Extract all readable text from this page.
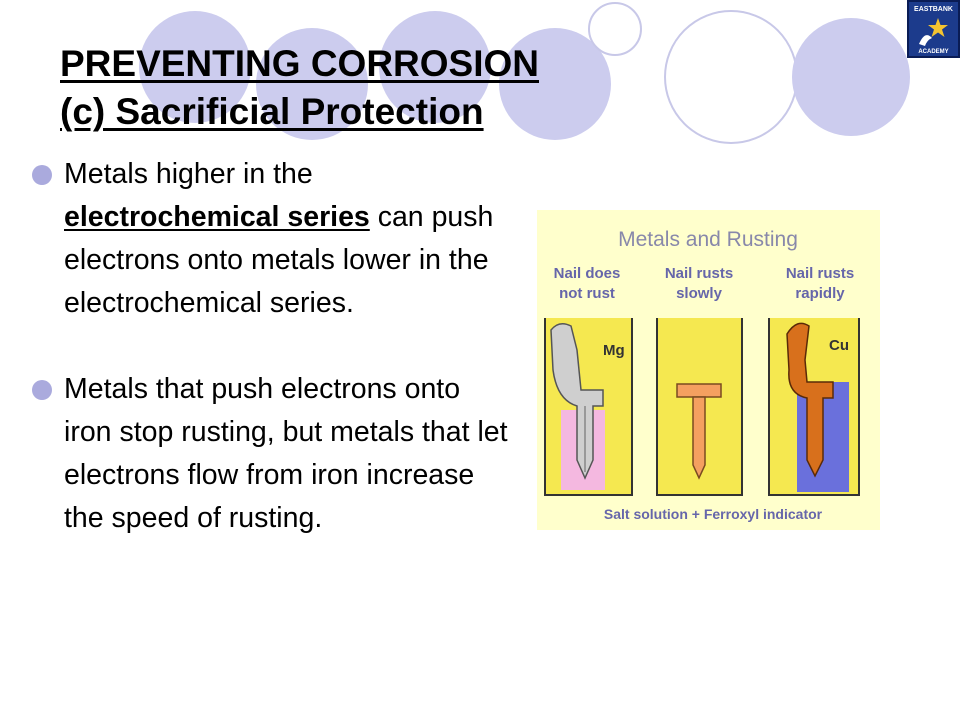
EASTBANK
ACADEMY
PREVENTING CORROSION
(c) Sacrificial Protection
Metals higher in the electrochemical series can push electrons onto metals lower in the electrochemical series.
Metals that push electrons onto iron stop rusting, but metals that let electrons flow from iron increase the speed of rusting.
Metals and Rusting
Nail does
not rust
Nail rusts
slowly
Nail rusts
rapidly
Mg	Cu
Salt solution + Ferroxyl indicator
